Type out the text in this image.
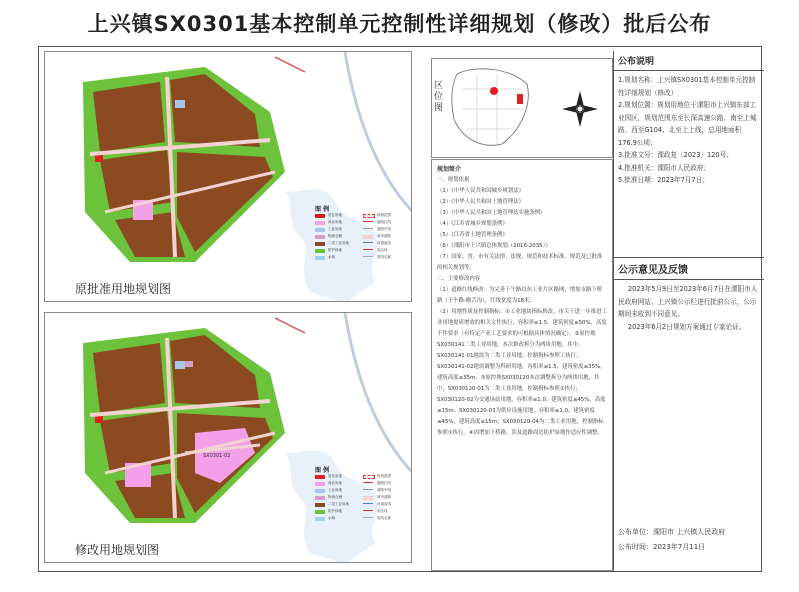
上兴镇SX0301基本控制单元控制性详细规划（修改）批后公布
图 例
居住用地
商业用地
工业用地
物流仓储
二类工业用地
防护绿地
水域
规划范围
道路红线
道路中线
城市道路
河道蓝线
高压线
管线走廊
原批准用地规划图
SX0301-02
图 例
居住用地
商业用地
工业用地
物流仓储
二类工业用地
防护绿地
水域
规划范围
道路红线
道路中线
城市道路
河道蓝线
高压线
管线走廊
修改用地规划图
区位图
规划简介
一、规划依据
（1）《中华人民共和国城乡规划法》
（2）《中华人民共和国土地管理法》
（3）《中华人民共和国土地管理法实施条例》
（4）《江苏省城乡规划条例》
（5）《江苏省土地管理条例》
（6）《溧阳市上兴镇总体规划（2016-2035）》
（7）国家、省、市有关法律、法规、规范和技术标准、规范及已批准的相关规划等。
二、主要修改内容
（1）道路红线修改：为完善于午路以东工业片区路网，增加支路下桥路（于午路-搬舌沟），红线宽度为18米。
（2）用地性质及控制指标：①工业地块指标修改，市关于进一步推进工业用地提质增效的相关文件执行，容积率≥1.5，建筑密度≥50%，高度不作要求（有特定产业工艺要求的可根据具体情况确定）。②原控规SX030141二类工业用地，本次修改拆分为两块用地，其中，SX030141-01地块为二类工业用地，控制指标参照工执行；SX030141-02地块调整为科研用地，容积率≤1.5，建筑密度≤35%，建筑高度≤35m。③原控规SX030120本次调整拆分为两块用地，其中，SX030120-01为二类工业用地，控制指标参照①执行；SX030120-02为交通场站用地，容积率≤1.0，建筑密度≤45%，高度≤15m；SX030120-03为供应设施用地，容积率≤1.0，建筑密度≤45%，建筑高度≤15m；SX030120-04为二类工业用地，控制指标参照①执行。④因增加下桥路，涉及道路周边防护绿地作适应性调整。
公布说明
1.规划名称：上兴镇SX0301基本控制单元控制性详细规划（修改）
2.规划位置：规划用地位于溧阳市上兴镇东部工业园区，规划范围东至长深高速公路、南至上城路、西至G104、北至上上线，总用地面积176.9公顷；
3.批准文号：溧政复〔2023〕120号；
4.批准机关：溧阳市人民政府；
5.批准日期：2023年7月7日；
公示意见及反馈
2023年5月9日至2023年6月7日在溧阳市人民政府网站、上兴镇公示栏进行批前公示，公示期间未收到不同意见。
2023年6月2日规划方案通过专家论证。
公布单位：溧阳市 上兴镇人民政府
公布时间：2023年7月11日
